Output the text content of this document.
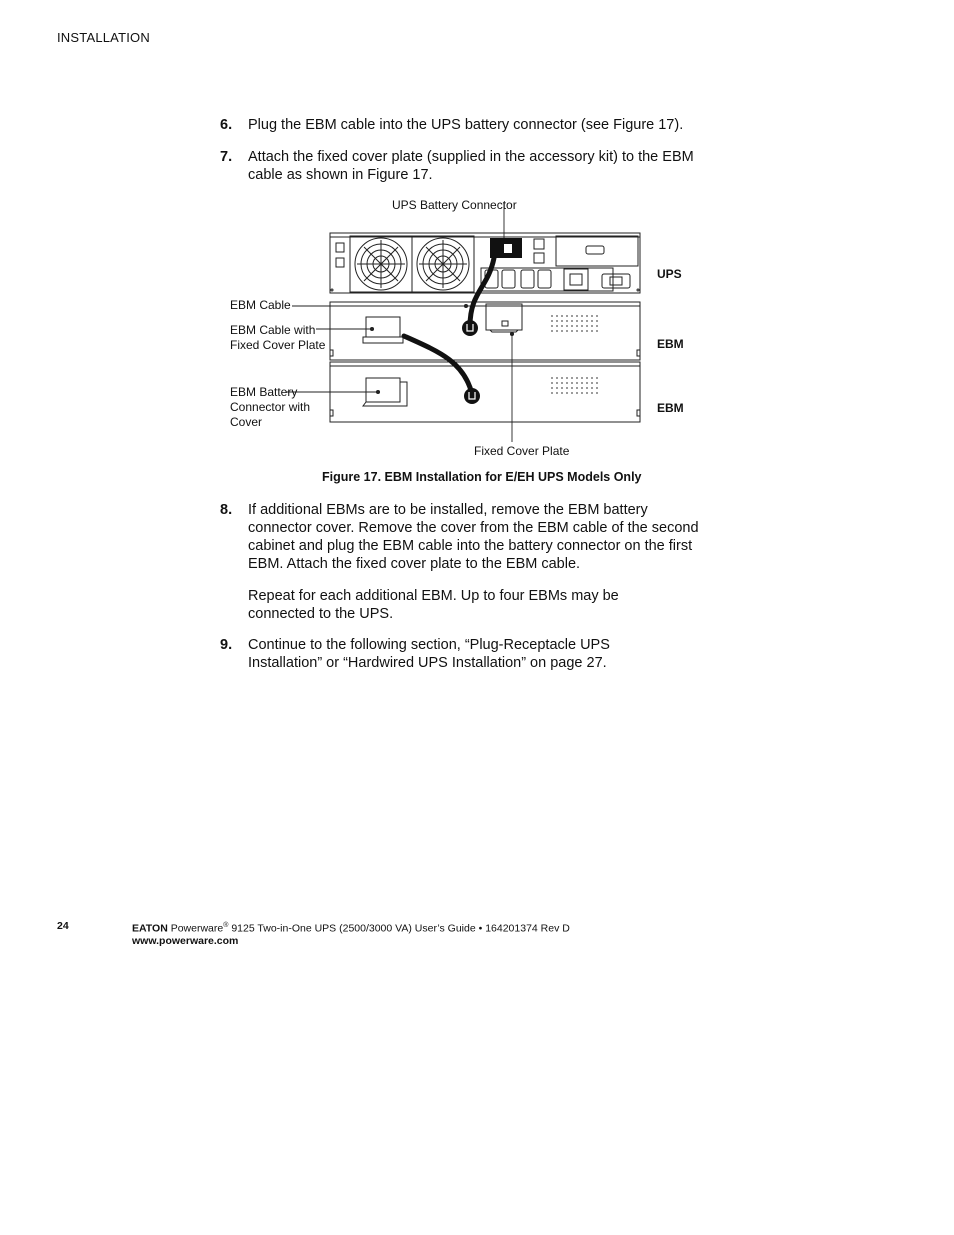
INSTALLATION
6. Plug the EBM cable into the UPS battery connector (see Figure 17).
7. Attach the fixed cover plate (supplied in the accessory kit) to the EBM cable as shown in Figure 17.
UPS Battery Connector
EBM Cable
EBM Cable with
Fixed Cover Plate
EBM Battery
Connector with
Cover
Fixed Cover Plate
UPS
EBM
EBM
Figure 17. EBM Installation for E/EH UPS Models Only
8. If additional EBMs are to be installed, remove the EBM battery connector cover. Remove the cover from the EBM cable of the second cabinet and plug the EBM cable into the battery connector on the first EBM. Attach the fixed cover plate to the EBM cable.
Repeat for each additional EBM. Up to four EBMs may be connected to the UPS.
9. Continue to the following section, “Plug-Receptacle UPS Installation” or “Hardwired UPS Installation” on page 27.
24	EATON Powerware® 9125 Two-in-One UPS (2500/3000 VA) User’s Guide • 164201374 Rev D
www.powerware.com
